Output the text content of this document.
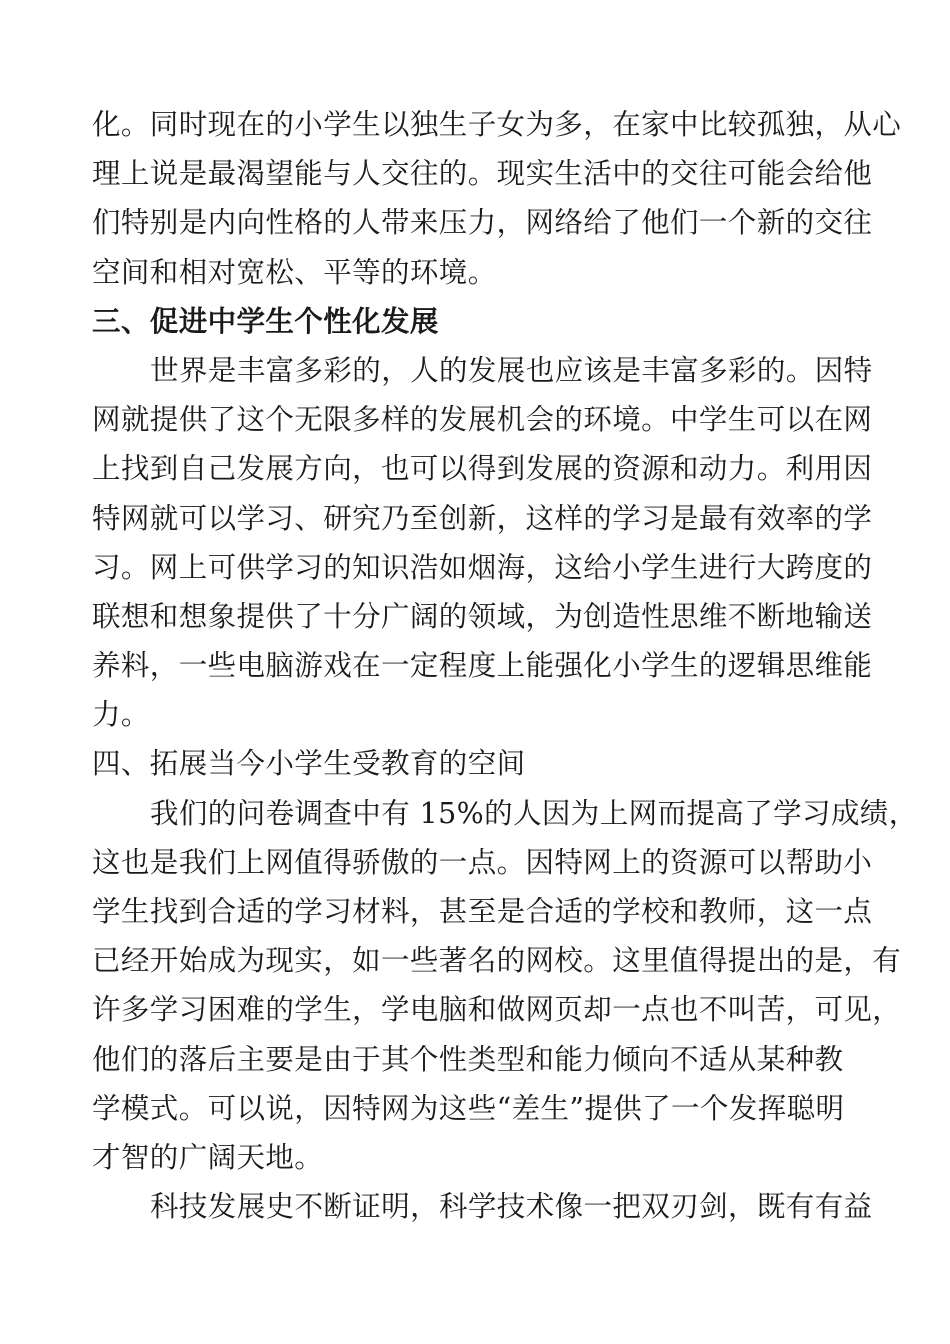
化。同时现在的小学生以独生子女为多，在家中比较孤独，从心
理上说是最渴望能与人交往的。现实生活中的交往可能会给他
们特别是内向性格的人带来压力，网络给了他们一个新的交往
空间和相对宽松、平等的环境。
三、促进中学生个性化发展
世界是丰富多彩的，人的发展也应该是丰富多彩的。因特
网就提供了这个无限多样的发展机会的环境。中学生可以在网
上找到自己发展方向，也可以得到发展的资源和动力。利用因
特网就可以学习、研究乃至创新，这样的学习是最有效率的学
习。网上可供学习的知识浩如烟海，这给小学生进行大跨度的
联想和想象提供了十分广阔的领域，为创造性思维不断地输送
养料，一些电脑游戏在一定程度上能强化小学生的逻辑思维能
力。
四、拓展当今小学生受教育的空间
我们的问卷调查中有 15%的人因为上网而提高了学习成绩，
这也是我们上网值得骄傲的一点。因特网上的资源可以帮助小
学生找到合适的学习材料，甚至是合适的学校和教师，这一点
已经开始成为现实，如一些著名的网校。这里值得提出的是，有
许多学习困难的学生，学电脑和做网页却一点也不叫苦，可见，
他们的落后主要是由于其个性类型和能力倾向不适从某种教
学模式。可以说，因特网为这些“差生”提供了一个发挥聪明
才智的广阔天地。
科技发展史不断证明，科学技术像一把双刃剑，既有有益
